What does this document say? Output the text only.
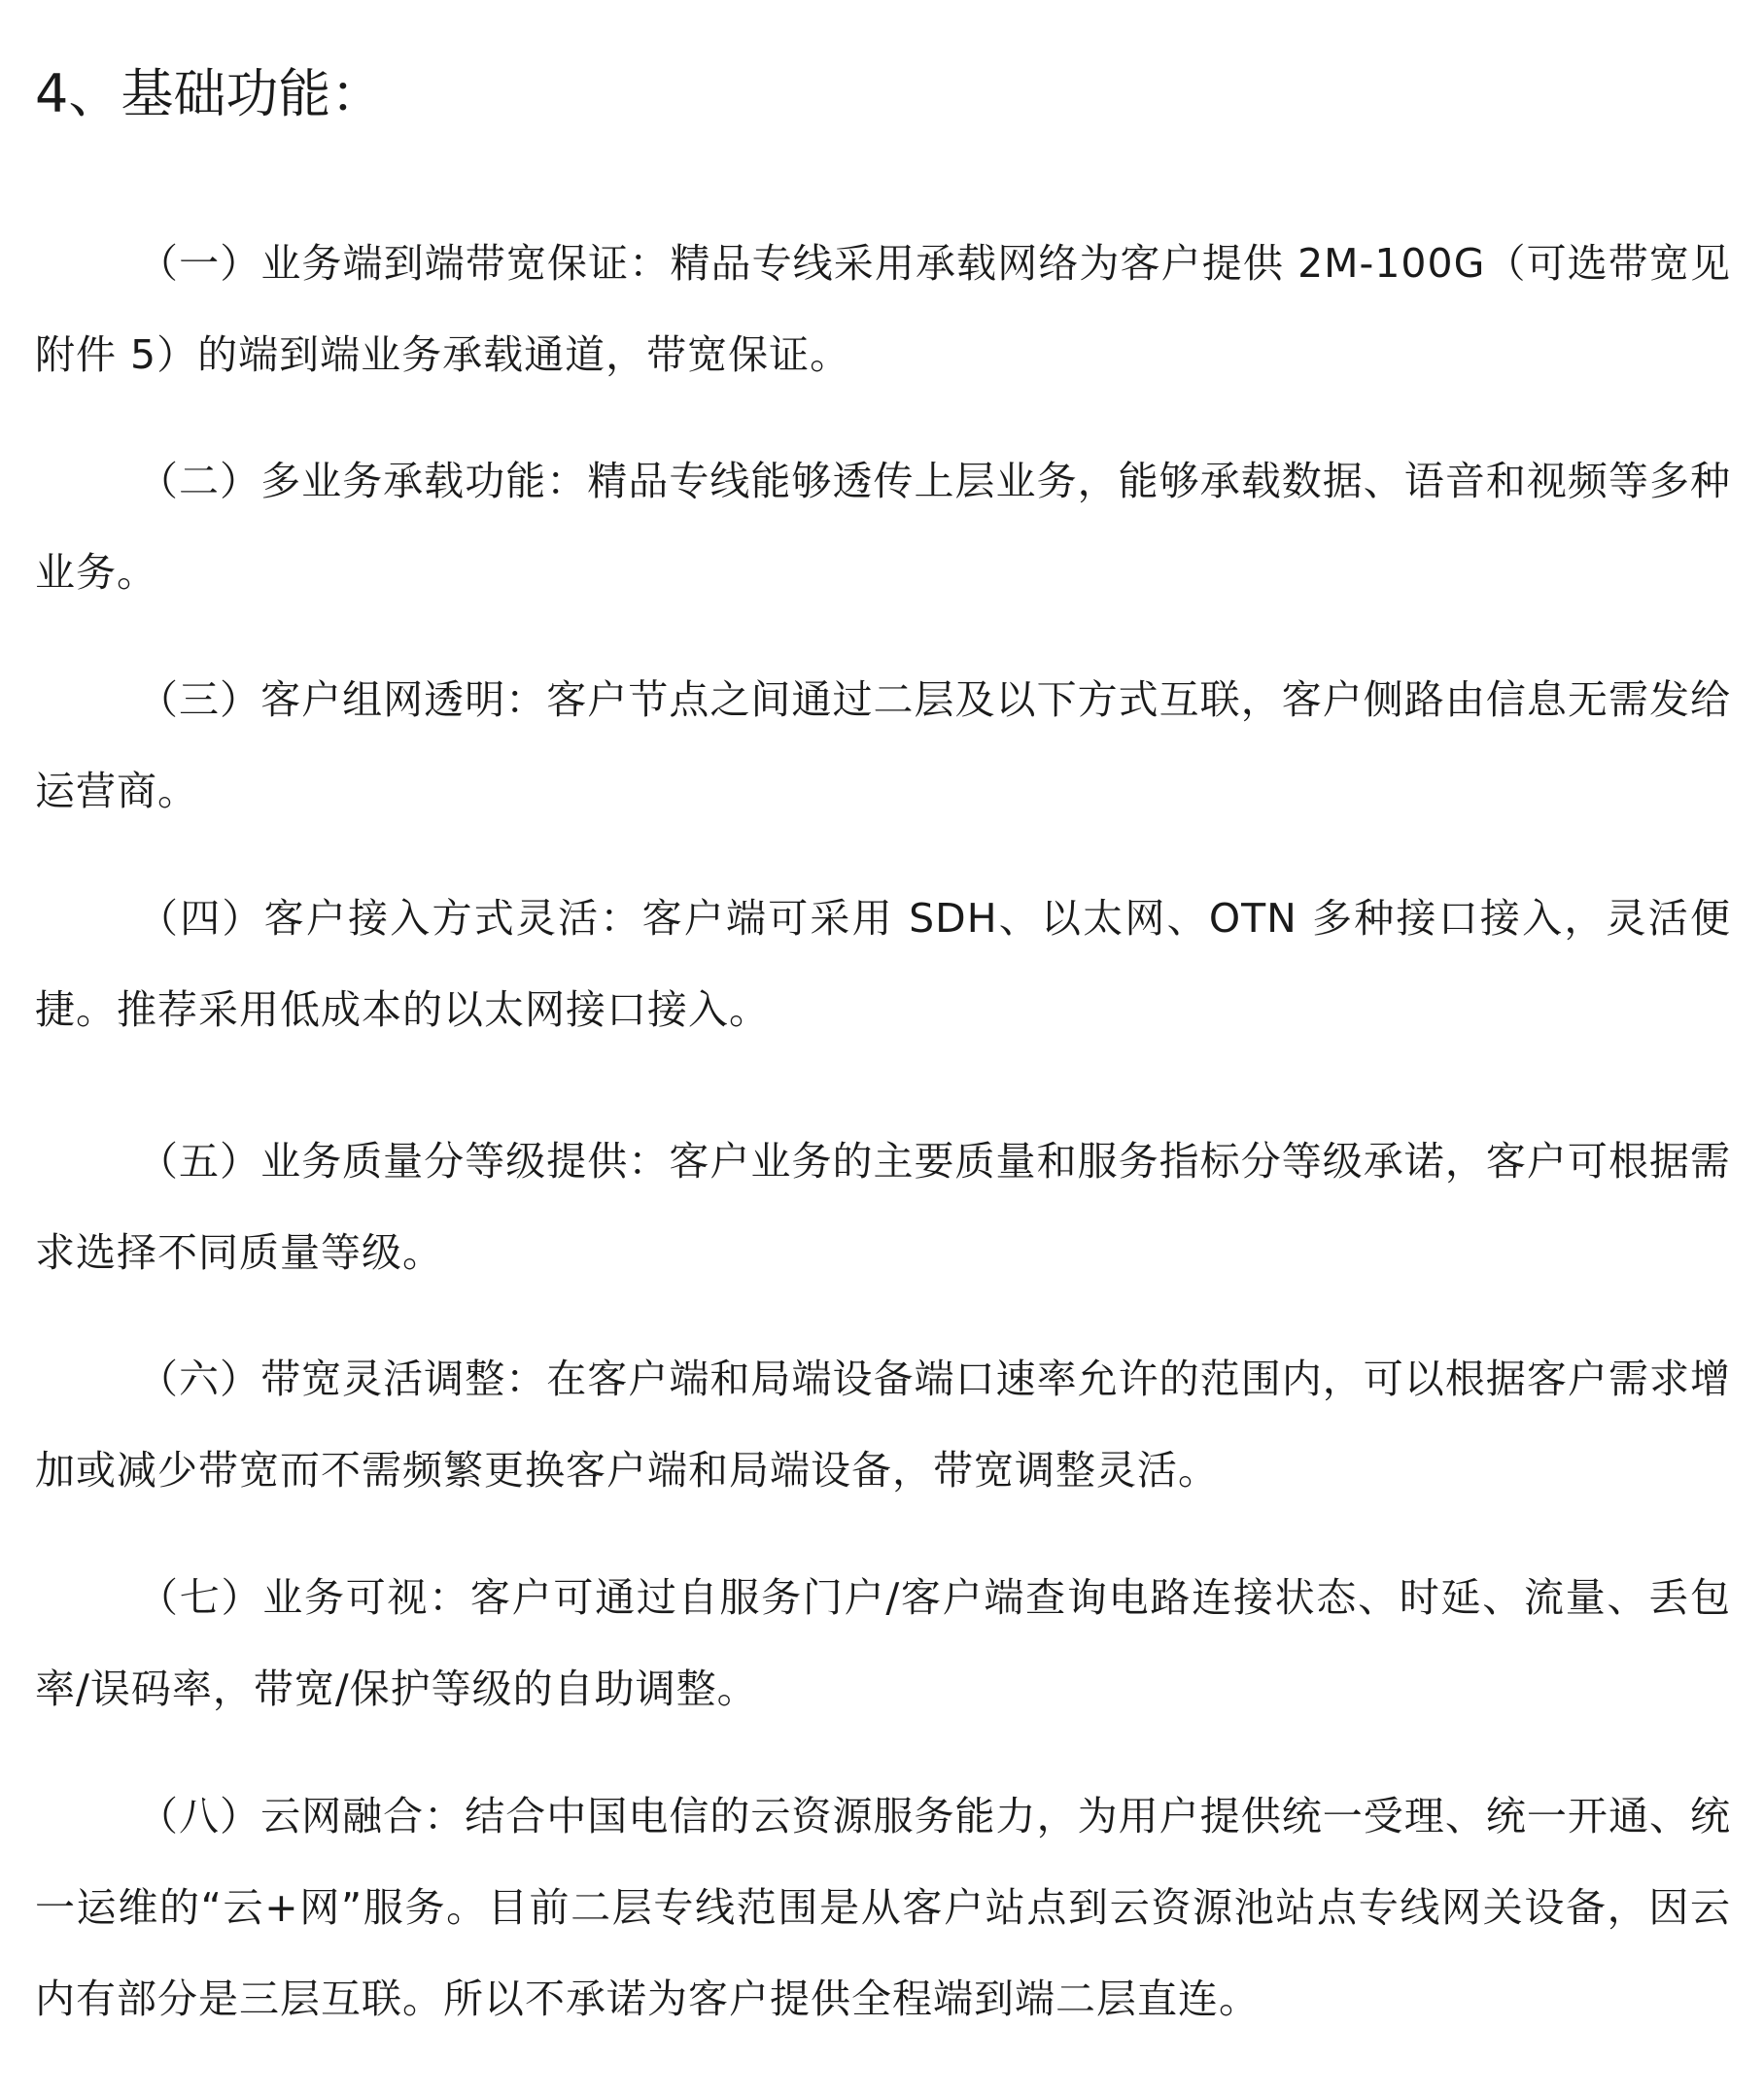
4、基础功能：

（一）业务端到端带宽保证：精品专线采用承载网络为客户提供 2M-100G（可选带宽见附件 5）的端到端业务承载通道，带宽保证。

（二）多业务承载功能：精品专线能够透传上层业务，能够承载数据、语音和视频等多种业务。

（三）客户组网透明：客户节点之间通过二层及以下方式互联，客户侧路由信息无需发给运营商。

（四）客户接入方式灵活：客户端可采用 SDH、以太网、OTN 多种接口接入，灵活便捷。推荐采用低成本的以太网接口接入。

（五）业务质量分等级提供：客户业务的主要质量和服务指标分等级承诺，客户可根据需求选择不同质量等级。

（六）带宽灵活调整：在客户端和局端设备端口速率允许的范围内，可以根据客户需求增加或减少带宽而不需频繁更换客户端和局端设备，带宽调整灵活。

（七）业务可视：客户可通过自服务门户/客户端查询电路连接状态、时延、流量、丢包率/误码率，带宽/保护等级的自助调整。

（八）云网融合：结合中国电信的云资源服务能力，为用户提供统一受理、统一开通、统一运维的“云+网”服务。目前二层专线范围是从客户站点到云资源池站点专线网关设备，因云内有部分是三层互联。所以不承诺为客户提供全程端到端二层直连。
